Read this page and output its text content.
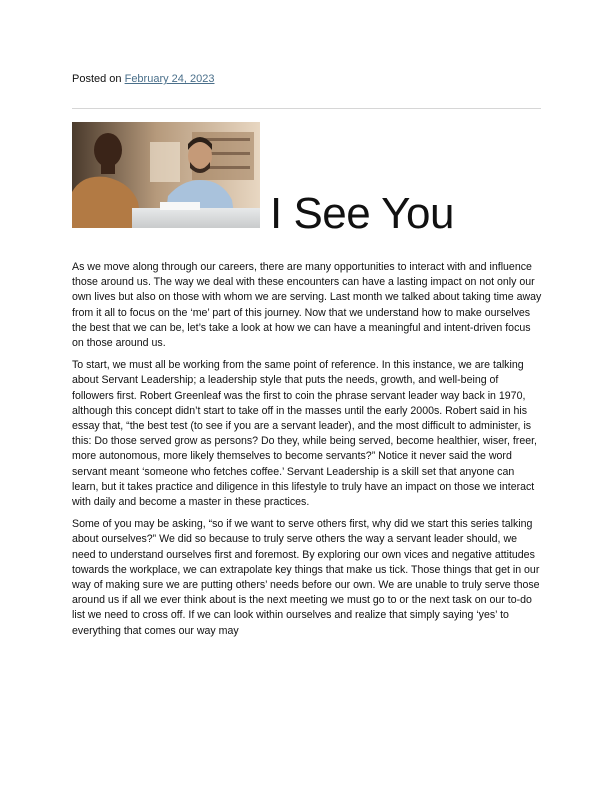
Posted on February 24, 2023
I See You

As we move along through our careers, there are many opportunities to interact with and influence those around us. The way we deal with these encounters can have a lasting impact on not only our own lives but also on those with whom we are serving. Last month we talked about taking time away from it all to focus on the ‘me’ part of this journey. Now that we understand how to make ourselves the best that we can be, let’s take a look at how we can have a meaningful and intent-driven focus on those around us.

To start, we must all be working from the same point of reference. In this instance, we are talking about Servant Leadership; a leadership style that puts the needs, growth, and well-being of followers first. Robert Greenleaf was the first to coin the phrase servant leader way back in 1970, although this concept didn’t start to take off in the masses until the early 2000s. Robert said in his essay that, “the best test (to see if you are a servant leader), and the most difficult to administer, is this: Do those served grow as persons? Do they, while being served, become healthier, wiser, freer, more autonomous, more likely themselves to become servants?” Notice it never said the word servant meant ‘someone who fetches coffee.’ Servant Leadership is a skill set that anyone can learn, but it takes practice and diligence in this lifestyle to truly have an impact on those we interact with daily and become a master in these practices.

Some of you may be asking, “so if we want to serve others first, why did we start this series talking about ourselves?” We did so because to truly serve others the way a servant leader should, we need to understand ourselves first and foremost. By exploring our own vices and negative attitudes towards the workplace, we can extrapolate key things that make us tick. Those things that get in our way of making sure we are putting others’ needs before our own. We are unable to truly serve those around us if all we ever think about is the next meeting we must go to or the next task on our to-do list we need to cross off. If we can look within ourselves and realize that simply saying ‘yes’ to everything that comes our way may
